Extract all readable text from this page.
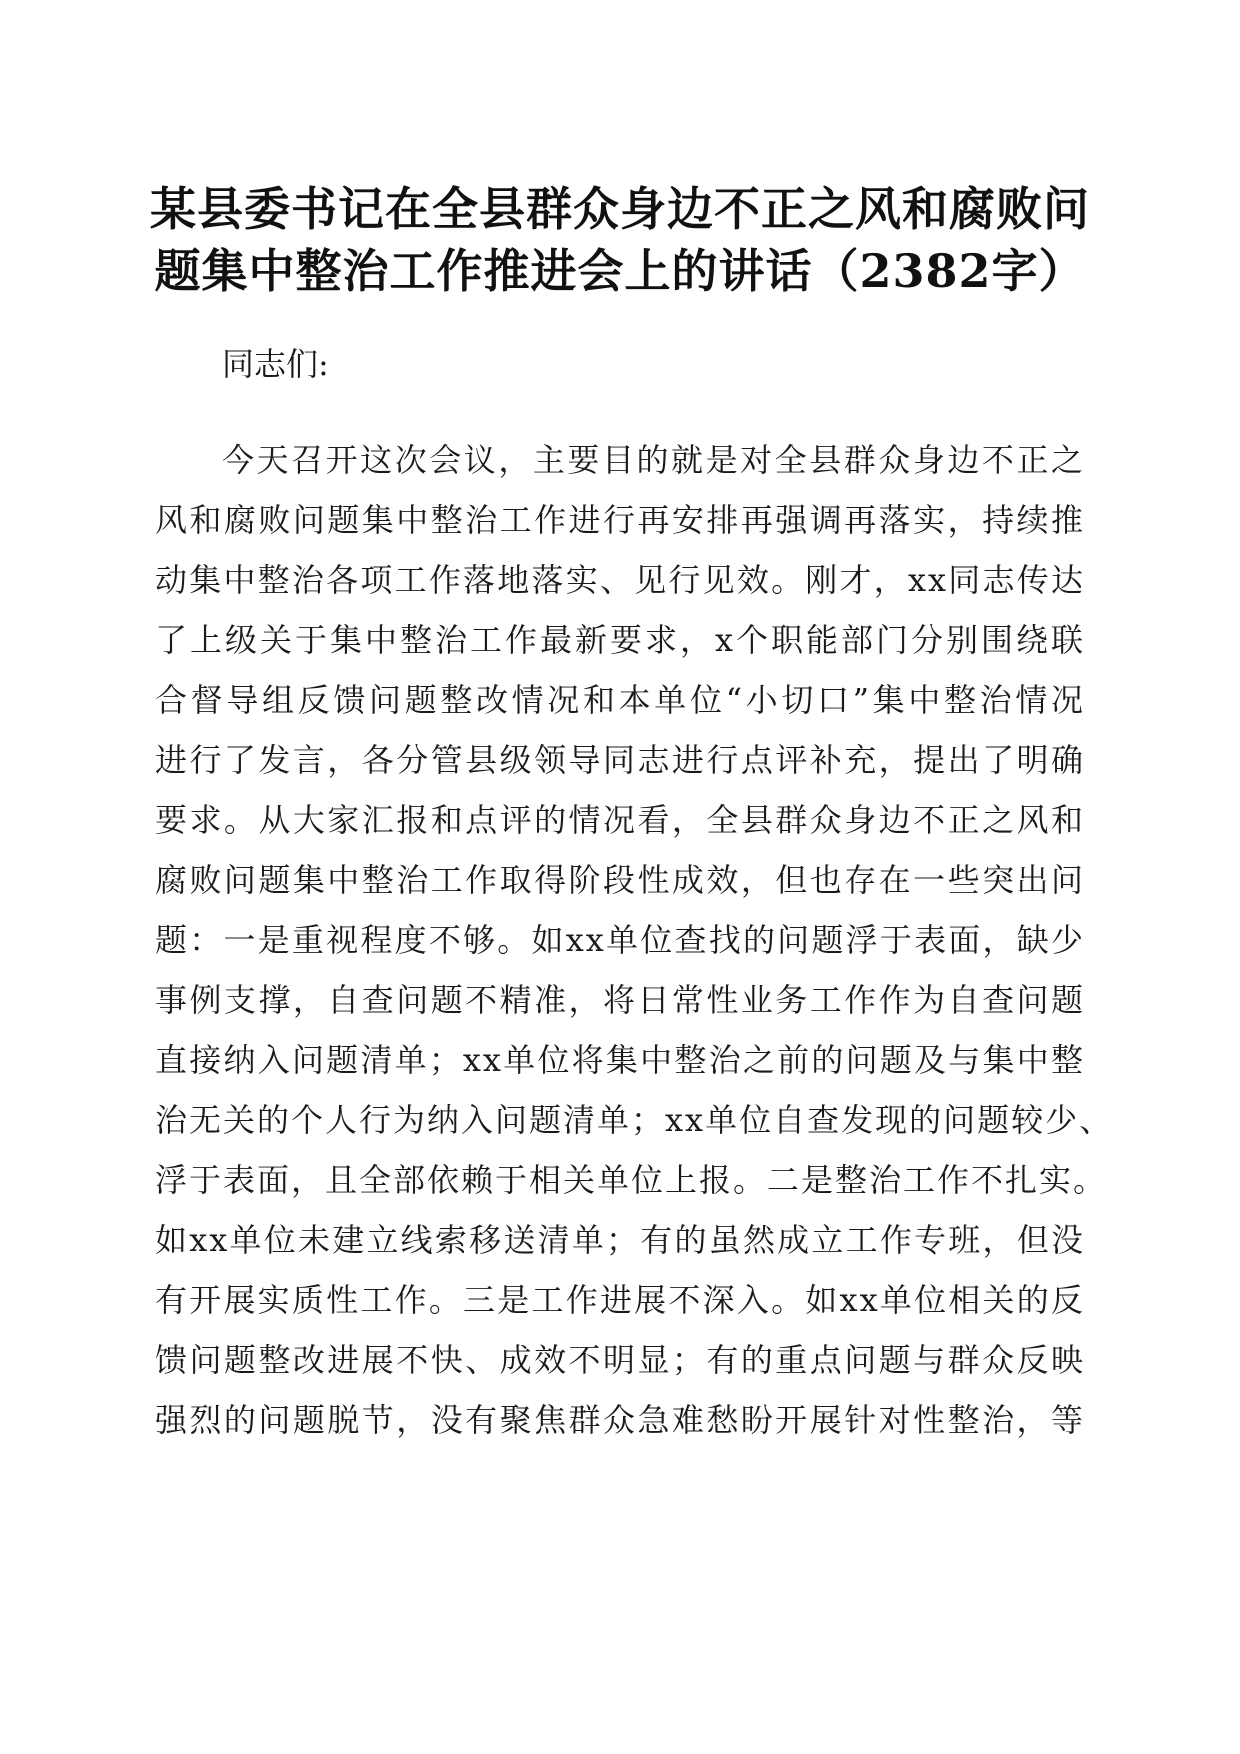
某县委书记在全县群众身边不正之风和腐败问
题集中整治工作推进会上的讲话（2382字）
同志们:
今天召开这次会议，主要目的就是对全县群众身边不正之
风和腐败问题集中整治工作进行再安排再强调再落实，持续推
动集中整治各项工作落地落实、见行见效。刚才，xx同志传达
了上级关于集中整治工作最新要求，x个职能部门分别围绕联
合督导组反馈问题整改情况和本单位“小切口”集中整治情况
进行了发言，各分管县级领导同志进行点评补充，提出了明确
要求。从大家汇报和点评的情况看，全县群众身边不正之风和
腐败问题集中整治工作取得阶段性成效，但也存在一些突出问
题：一是重视程度不够。如xx单位查找的问题浮于表面，缺少
事例支撑，自查问题不精准，将日常性业务工作作为自查问题
直接纳入问题清单；xx单位将集中整治之前的问题及与集中整
治无关的个人行为纳入问题清单；xx单位自查发现的问题较少、
浮于表面，且全部依赖于相关单位上报。二是整治工作不扎实。
如xx单位未建立线索移送清单；有的虽然成立工作专班，但没
有开展实质性工作。三是工作进展不深入。如xx单位相关的反
馈问题整改进展不快、成效不明显；有的重点问题与群众反映
强烈的问题脱节，没有聚焦群众急难愁盼开展针对性整治，等
